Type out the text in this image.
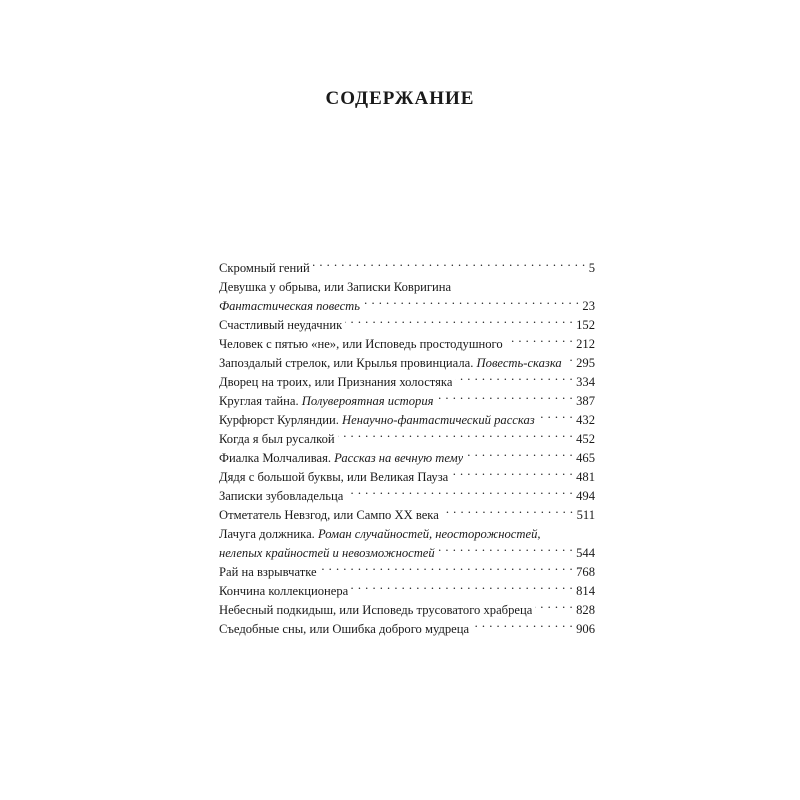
СОДЕРЖАНИЕ
Скромный гений . . .	5
Девушка у обрыва, или Записки Ковригина
Фантастическая повесть . . .	23
Счастливый неудачник . . .	152
Человек с пятью «не», или Исповедь простодушного . . .	212
Запоздалый стрелок, или Крылья провинциала. Повесть-сказка . . . 295
Дворец на троих, или Признания холостяка . . .	334
Круглая тайна. Полувероятная история . . .	387
Курфюрст Курляндии. Ненаучно-фантастический рассказ . . .	432
Когда я был русалкой . . .	452
Фиалка Молчаливая. Рассказ на вечную тему . . .	465
Дядя с большой буквы, или Великая Пауза . . .	481
Записки зубовладельца . . .	494
Отметатель Невзгод, или Сампо XX века . . .	511
Лачуга должника. Роман случайностей, неосторожностей,
нелепых крайностей и невозможностей . . .	544
Рай на взрывчатке . . .	768
Кончина коллекционера . . .	814
Небесный подкидыш, или Исповедь трусоватого храбреца . . .	828
Съедобные сны, или Ошибка доброго мудреца . . .	906
